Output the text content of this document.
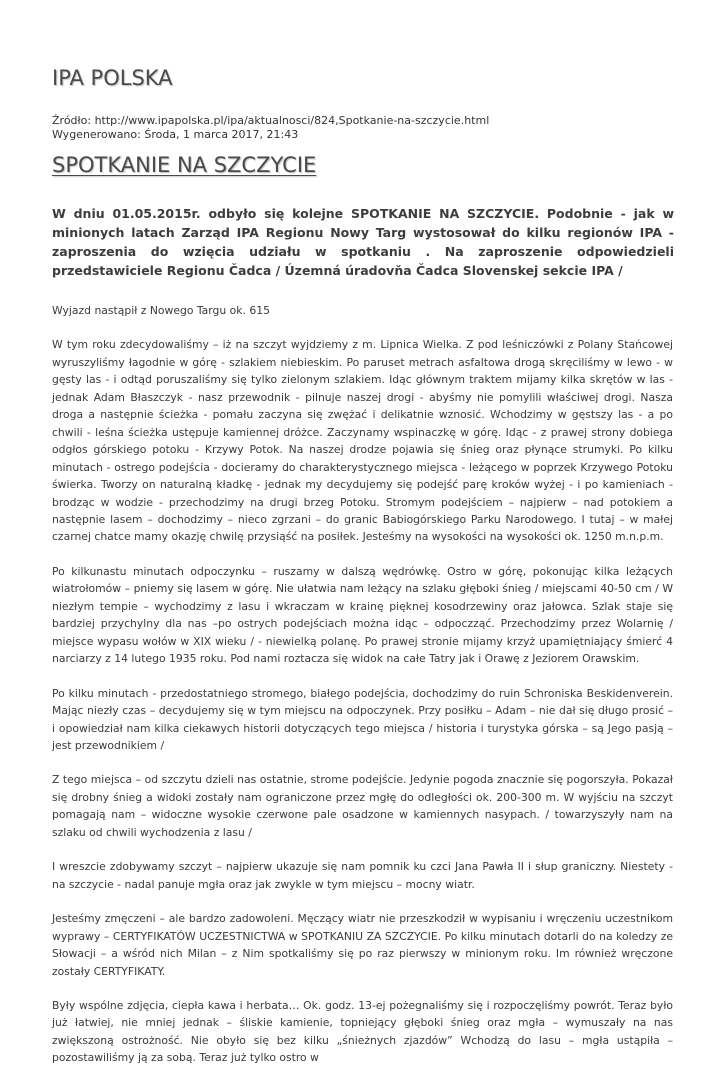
IPA POLSKA
Źródło: http://www.ipapolska.pl/ipa/aktualnosci/824,Spotkanie-na-szczycie.html
Wygenerowano: Środa, 1 marca 2017, 21:43
SPOTKANIE NA SZCZYCIE

W dniu 01.05.2015r. odbyło się kolejne SPOTKANIE NA SZCZYCIE. Podobnie - jak w minionych latach Zarząd IPA Regionu Nowy Targ wystosował do kilku regionów IPA - zaproszenia do wzięcia udziału w spotkaniu . Na zaproszenie odpowiedzieli przedstawiciele Regionu Čadca / Územná úradovňa Čadca Slovenskej sekcie IPA /

Wyjazd nastąpił z Nowego Targu ok. 615

W tym roku zdecydowaliśmy – iż na szczyt wyjdziemy z m. Lipnica Wielka. Z pod leśniczówki z Polany Stańcowej wyruszyliśmy łagodnie w górę - szlakiem niebieskim. Po paruset metrach asfaltowa drogą skręciliśmy w lewo - w gęsty las - i odtąd poruszaliśmy się tylko zielonym szlakiem. Idąc głównym traktem mijamy kilka skrętów w las - jednak Adam Błaszczyk - nasz przewodnik - pilnuje naszej drogi - abyśmy nie pomylili właściwej drogi. Nasza droga a następnie ścieżka - pomału zaczyna się zwężać i delikatnie wznosić. Wchodzimy w gęstszy las - a po chwili - leśna ścieżka ustępuje kamiennej dróżce. Zaczynamy wspinaczkę w górę. Idąc - z prawej strony dobiega odgłos górskiego potoku - Krzywy Potok. Na naszej drodze pojawia się śnieg oraz płynące strumyki. Po kilku minutach - ostrego podejścia - docieramy do charakterystycznego miejsca - leżącego w poprzek Krzywego Potoku świerka. Tworzy on naturalną kładkę - jednak my decydujemy się podejść parę kroków wyżej - i po kamieniach - brodząc w wodzie - przechodzimy na drugi brzeg Potoku. Stromym podejściem – najpierw – nad potokiem a następnie lasem – dochodzimy – nieco zgrzani – do granic Babiogórskiego Parku Narodowego. I tutaj – w małej czarnej chatce mamy okazję chwilę przysiąść na posiłek. Jesteśmy na wysokości na wysokości ok. 1250 m.n.p.m.

Po kilkunastu minutach odpoczynku – ruszamy w dalszą wędrówkę. Ostro w górę, pokonując kilka leżących wiatrołomów – pniemy się lasem w górę. Nie ułatwia nam leżący na szlaku głęboki śnieg / miejscami 40-50 cm / W niezłym tempie – wychodzimy z lasu i wkraczam w krainę pięknej kosodrzewiny oraz jałowca. Szlak staje się bardziej przychylny dla nas –po ostrych podejściach można idąc – odpoczząć. Przechodzimy przez Wolarnię / miejsce wypasu wołów w XIX wieku / - niewielką polanę. Po prawej stronie mijamy krzyż upamiętniający śmierć 4 narciarzy z 14 lutego 1935 roku. Pod nami roztacza się widok na całe Tatry jak i Orawę z Jeziorem Orawskim.

Po kilku minutach - przedostatniego stromego, białego podejścia, dochodzimy do ruin Schroniska Beskidenverein. Mając niezły czas – decydujemy się w tym miejscu na odpoczynek. Przy posiłku – Adam – nie dał się długo prosić – i opowiedział nam kilka ciekawych historii dotyczących tego miejsca / historia i turystyka górska – są Jego pasją – jest przewodnikiem /

Z tego miejsca – od szczytu dzieli nas ostatnie, strome podejście. Jedynie pogoda znacznie się pogorszyła. Pokazał się drobny śnieg a widoki zostały nam ograniczone przez mgłę do odległości ok. 200-300 m. W wyjściu na szczyt pomagają nam – widoczne wysokie czerwone pale osadzone w kamiennych nasypach. / towarzyszyły nam na szlaku od chwili wychodzenia z lasu /

I wreszcie zdobywamy szczyt – najpierw ukazuje się nam pomnik ku czci Jana Pawła II i słup graniczny. Niestety - na szczycie - nadal panuje mgła oraz jak zwykle w tym miejscu – mocny wiatr.

Jesteśmy zmęczeni – ale bardzo zadowoleni. Męczący wiatr nie przeszkodził w wypisaniu i wręczeniu uczestnikom wyprawy – CERTYFIKATÓW UCZESTNICTWA w SPOTKANIU ZA SZCZYCIE. Po kilku minutach dotarli do na koledzy ze Słowacji – a wśród nich Milan – z Nim spotkaliśmy się po raz pierwszy w minionym roku. Im również wręczone zostały CERTYFIKATY.

Były wspólne zdjęcia, ciepła kawa i herbata… Ok. godz. 13-ej pożegnaliśmy się i rozpoczęliśmy powrót. Teraz było już łatwiej, nie mniej jednak – śliskie kamienie, topniejący głęboki śnieg oraz mgła – wymuszały na nas zwiększoną ostrożność. Nie obyło się bez kilku „śnieżnych zjazdów” Wchodzą do lasu – mgła ustąpiła – pozostawiliśmy ją za sobą. Teraz już tylko ostro w
